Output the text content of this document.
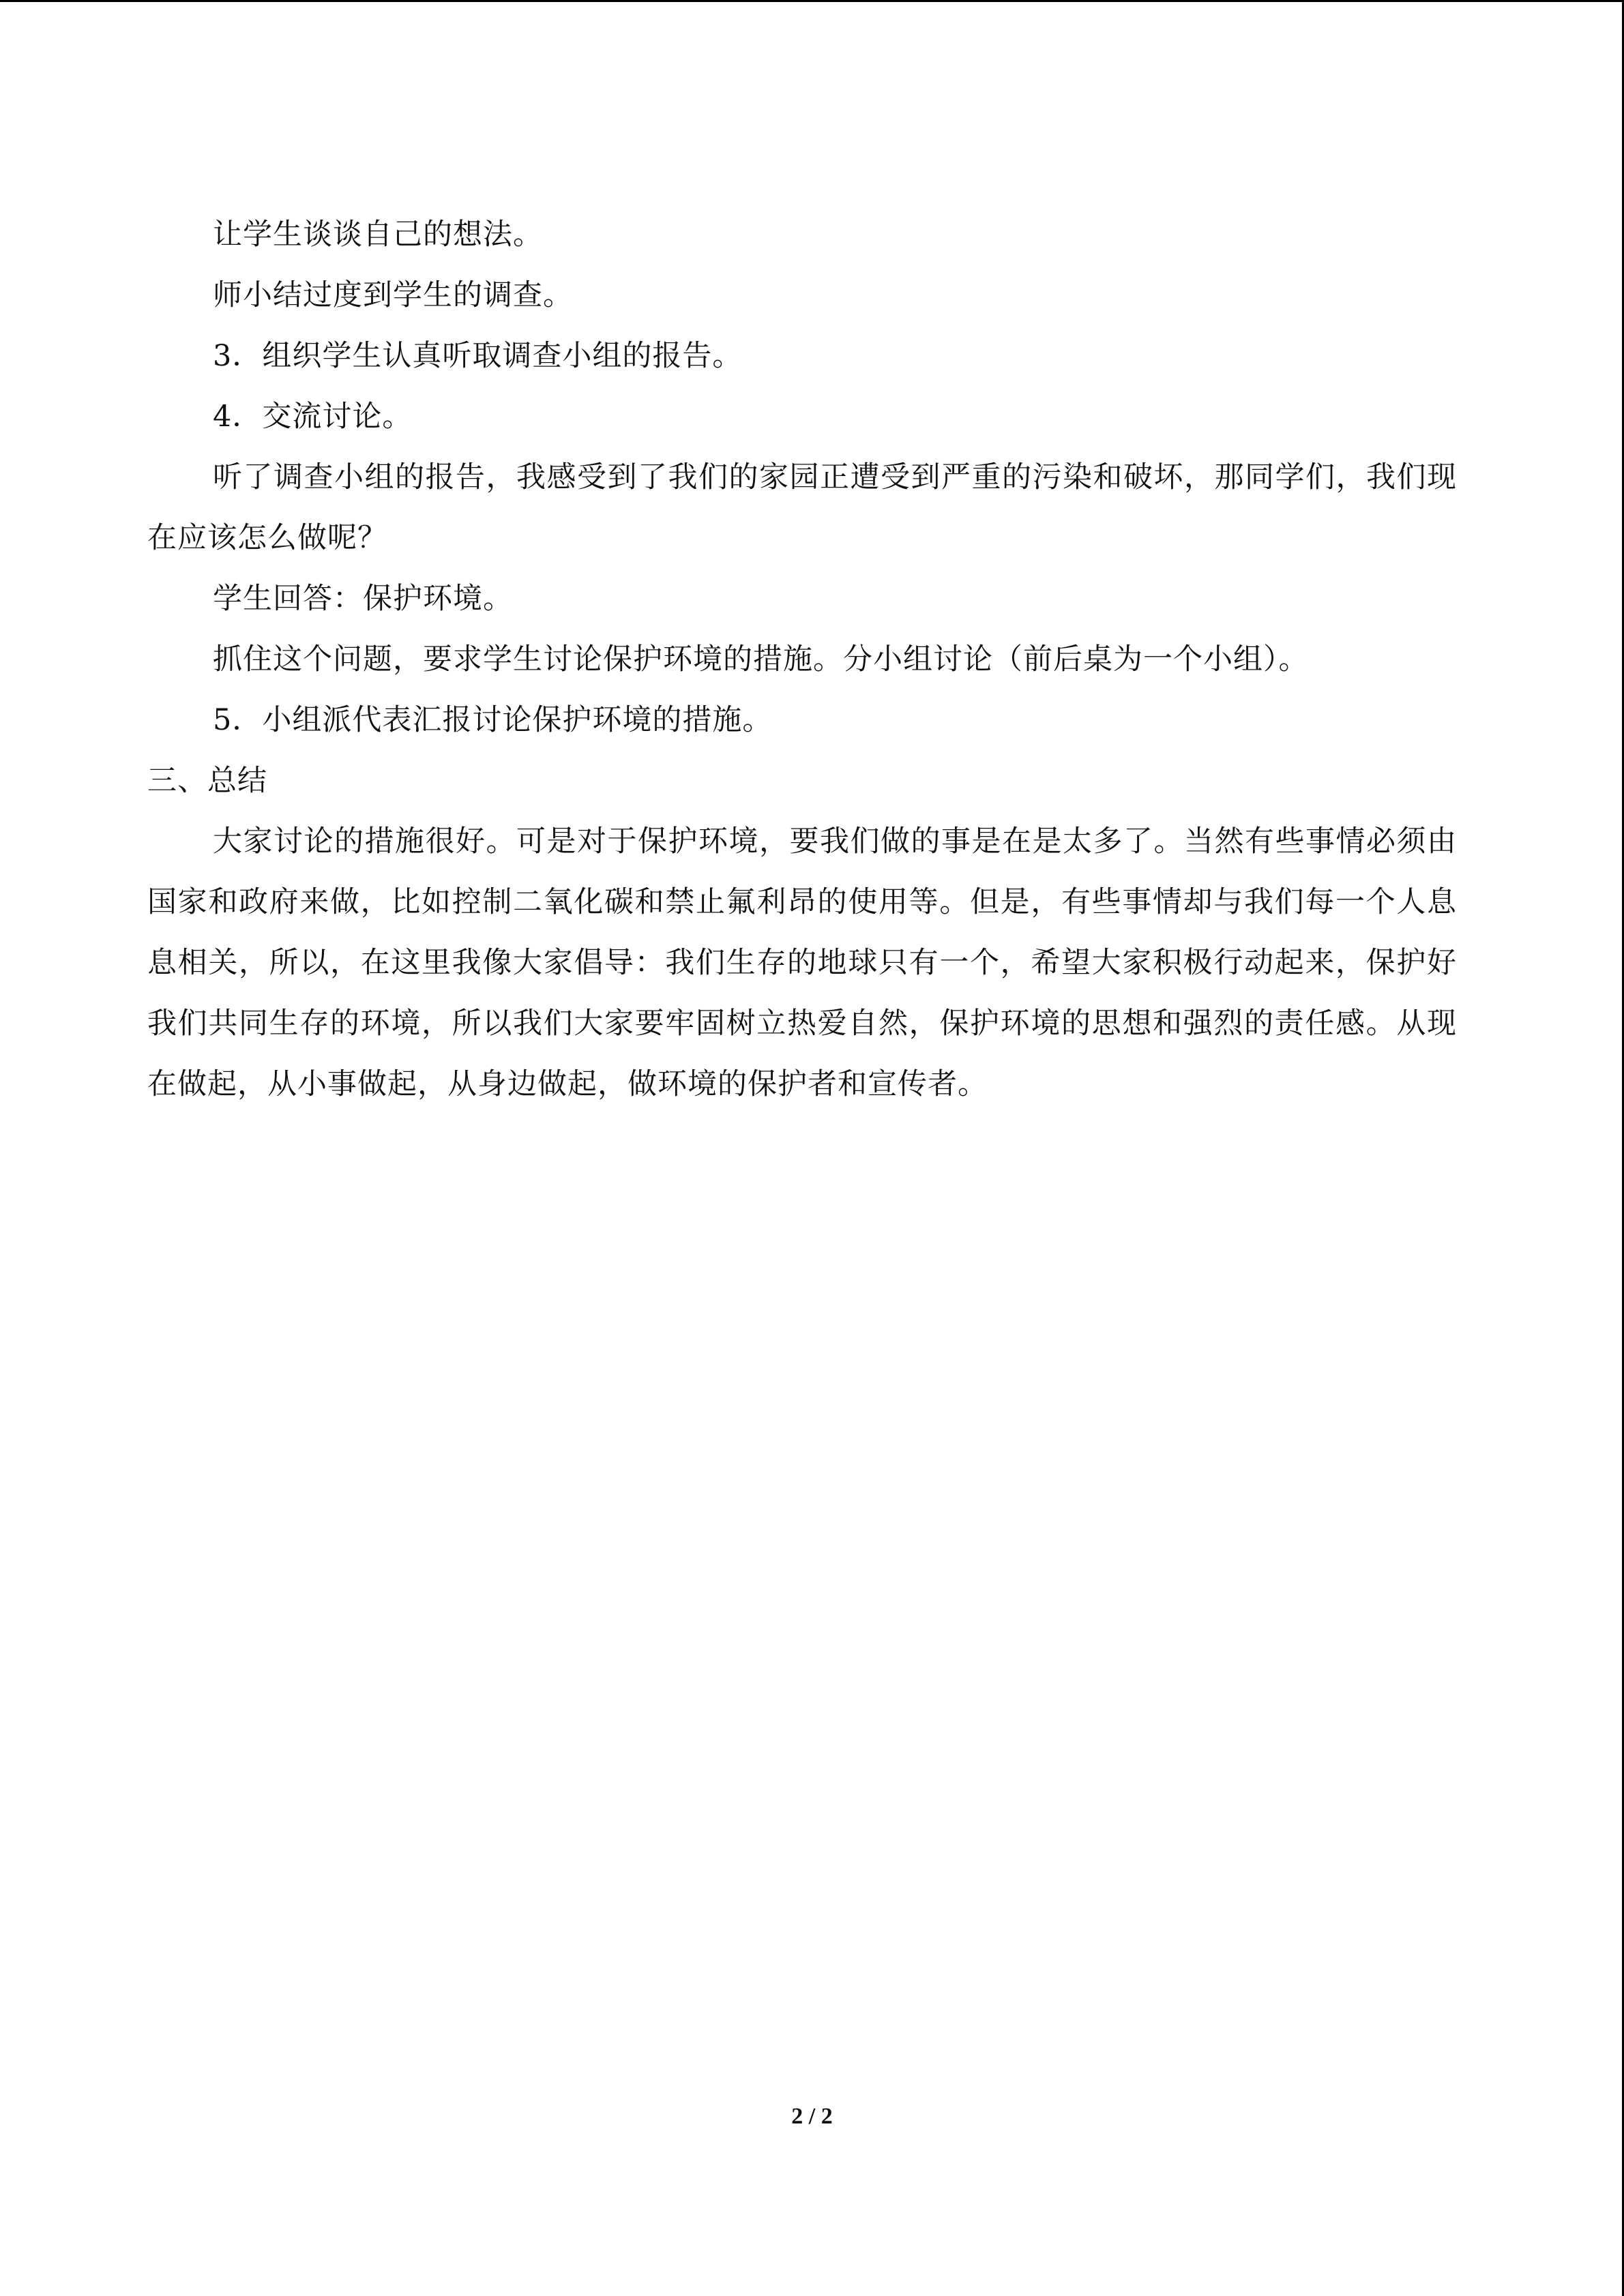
让学生谈谈自己的想法。

师小结过度到学生的调查。

3．组织学生认真听取调查小组的报告。

4．交流讨论。

听了调查小组的报告，我感受到了我们的家园正遭受到严重的污染和破坏，那同学们，我们现在应该怎么做呢？

学生回答：保护环境。

抓住这个问题，要求学生讨论保护环境的措施。分小组讨论（前后桌为一个小组）。

5．小组派代表汇报讨论保护环境的措施。

三、总结

大家讨论的措施很好。可是对于保护环境，要我们做的事是在是太多了。当然有些事情必须由国家和政府来做，比如控制二氧化碳和禁止氟利昂的使用等。但是，有些事情却与我们每一个人息息相关，所以，在这里我像大家倡导：我们生存的地球只有一个，希望大家积极行动起来，保护好我们共同生存的环境，所以我们大家要牢固树立热爱自然，保护环境的思想和强烈的责任感。从现在做起，从小事做起，从身边做起，做环境的保护者和宣传者。

2 / 2
